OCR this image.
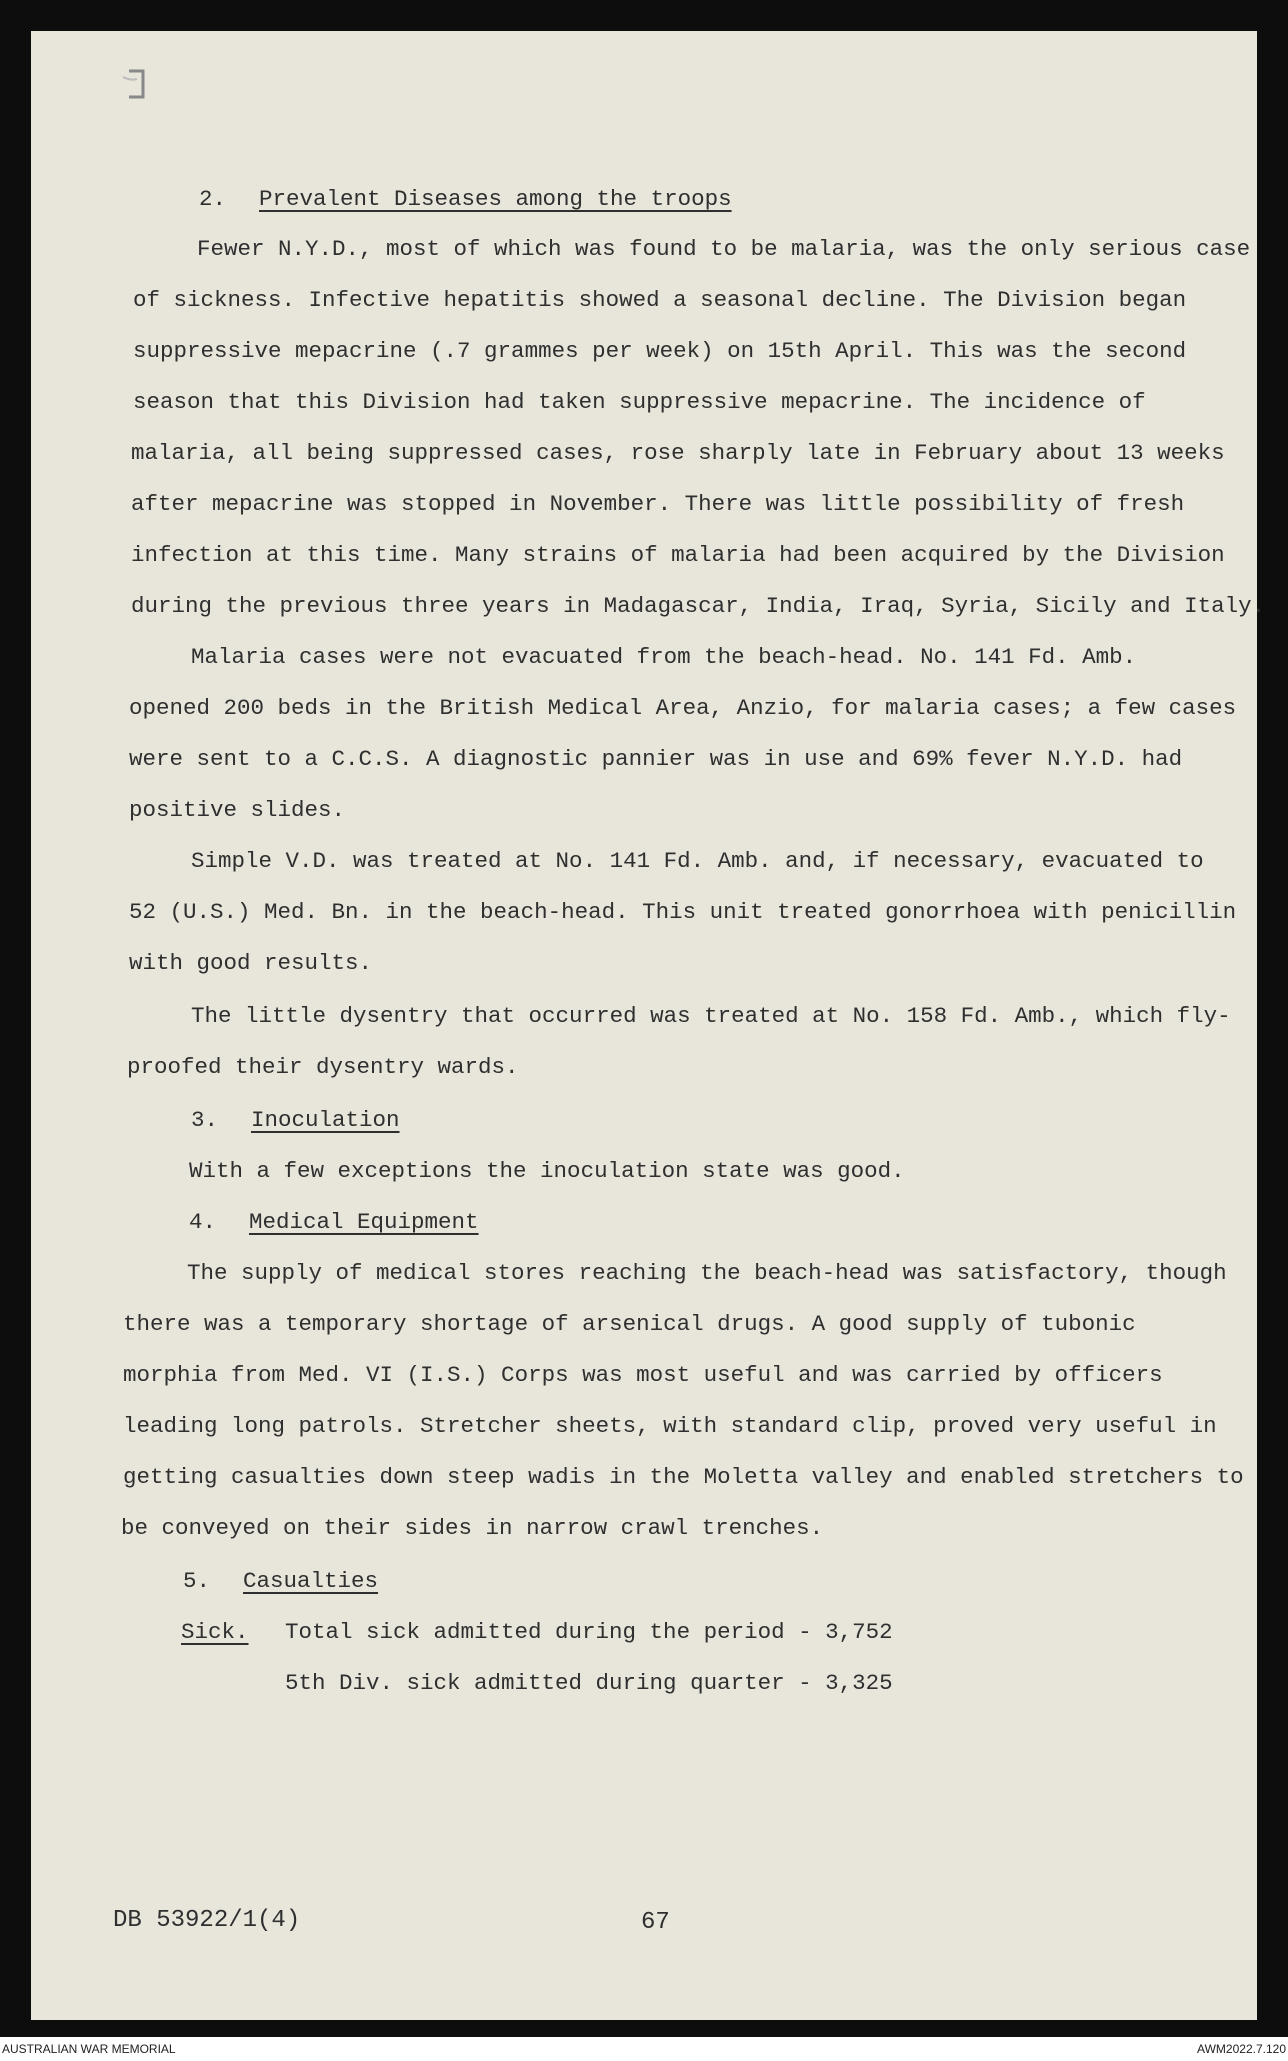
2. Prevalent Diseases among the troops
Fewer N.Y.D., most of which was found to be malaria, was the only serious case
of sickness. Infective hepatitis showed a seasonal decline. The Division began
suppressive mepacrine (.7 grammes per week) on 15th April. This was the second
season that this Division had taken suppressive mepacrine. The incidence of
malaria, all being suppressed cases, rose sharply late in February about 13 weeks
after mepacrine was stopped in November. There was little possibility of fresh
infection at this time. Many strains of malaria had been acquired by the Division
during the previous three years in Madagascar, India, Iraq, Syria, Sicily and Italy.
Malaria cases were not evacuated from the beach-head. No. 141 Fd. Amb.
opened 200 beds in the British Medical Area, Anzio, for malaria cases; a few cases
were sent to a C.C.S. A diagnostic pannier was in use and 69% fever N.Y.D. had
positive slides.
Simple V.D. was treated at No. 141 Fd. Amb. and, if necessary, evacuated to
52 (U.S.) Med. Bn. in the beach-head. This unit treated gonorrhoea with penicillin
with good results.
The little dysentry that occurred was treated at No. 158 Fd. Amb., which fly-
proofed their dysentry wards.
3. Inoculation
With a few exceptions the inoculation state was good.
4. Medical Equipment
The supply of medical stores reaching the beach-head was satisfactory, though
there was a temporary shortage of arsenical drugs. A good supply of tubonic
morphia from Med. VI (I.S.) Corps was most useful and was carried by officers
leading long patrols. Stretcher sheets, with standard clip, proved very useful in
getting casualties down steep wadis in the Moletta valley and enabled stretchers to
be conveyed on their sides in narrow crawl trenches.
5. Casualties
Sick. Total sick admitted during the period - 3,752
5th Div. sick admitted during quarter - 3,325
DB 53922/1(4)	67
AUSTRALIAN WAR MEMORIAL	AWM2022.7.120
